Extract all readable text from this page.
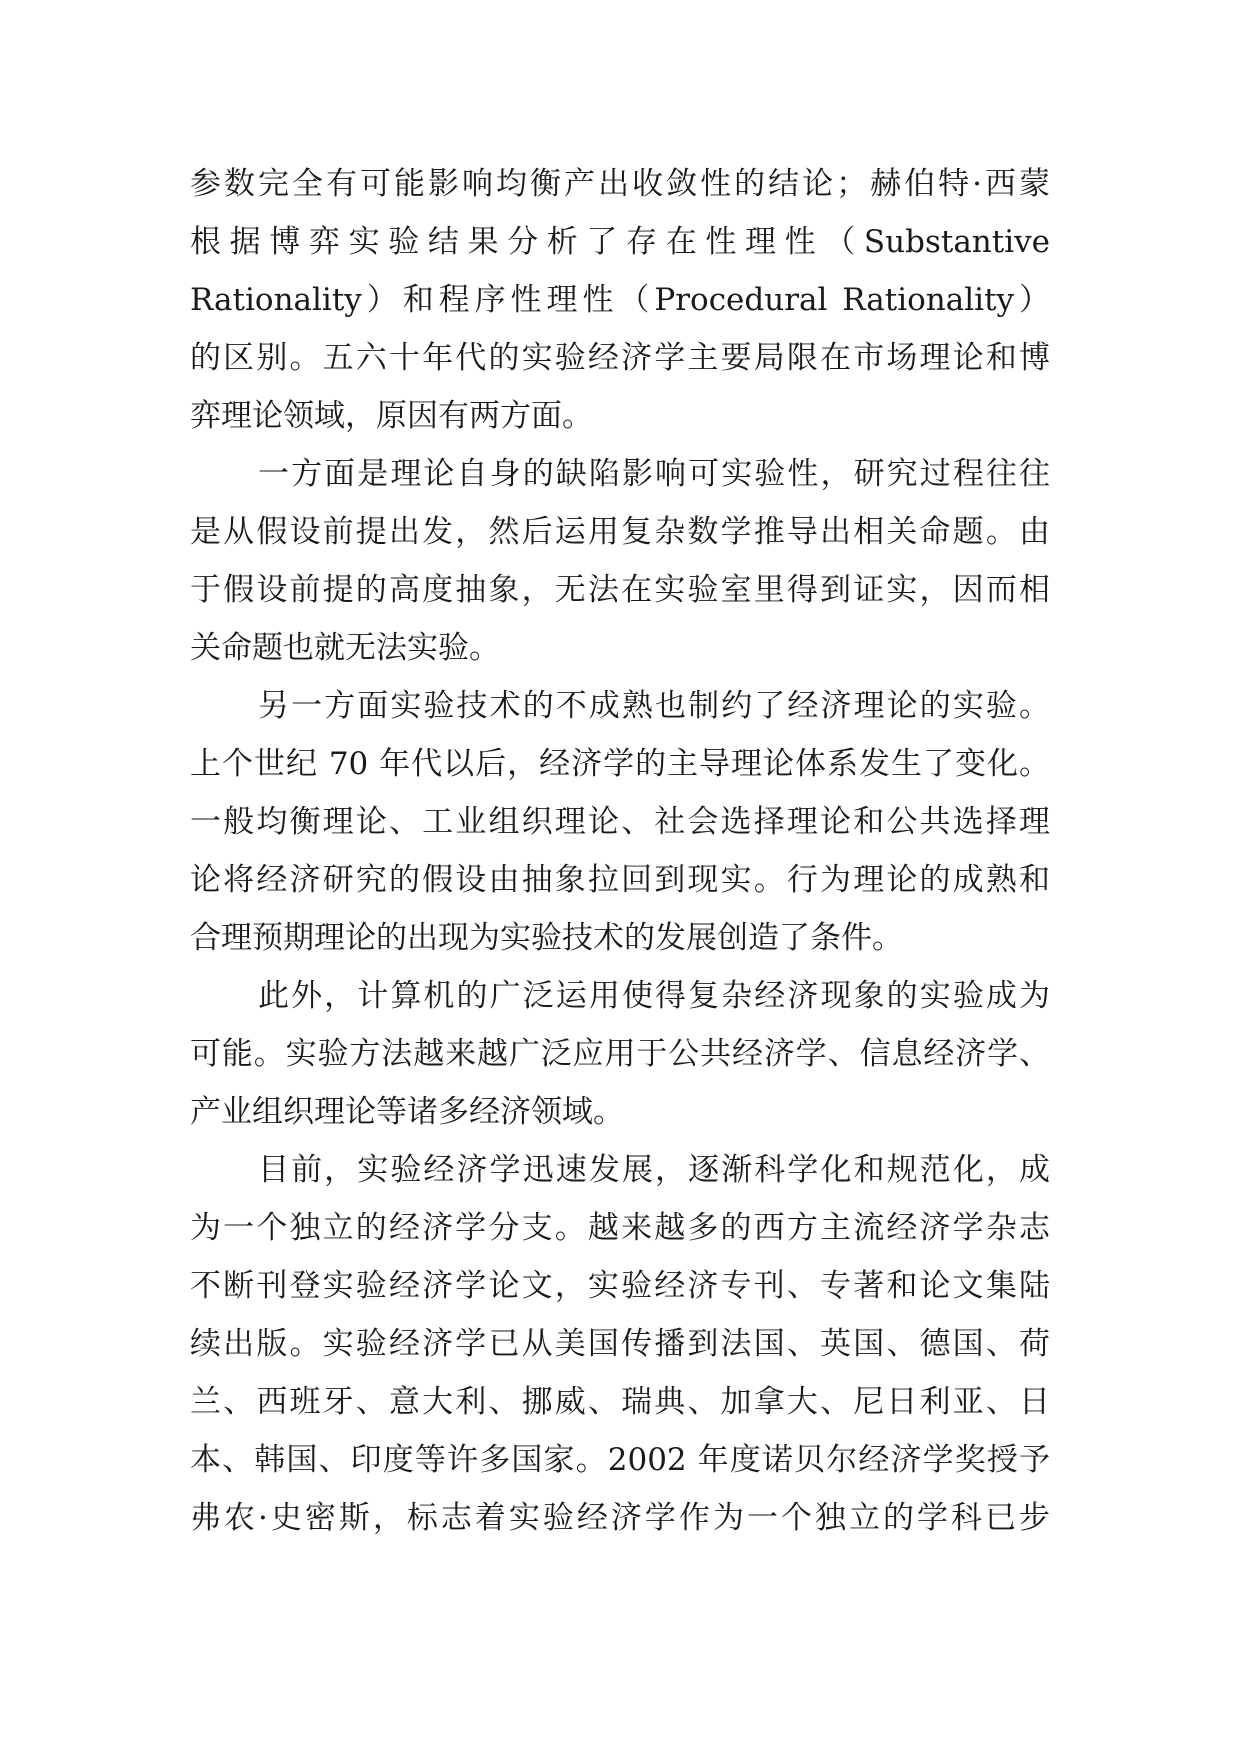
参数完全有可能影响均衡产出收敛性的结论；赫伯特·西蒙
根据博弈实验结果分析了存在性理性（Substantive
Rationality）和程序性理性（Procedural Rationality）
的区别。五六十年代的实验经济学主要局限在市场理论和博
弈理论领域，原因有两方面。
一方面是理论自身的缺陷影响可实验性，研究过程往往
是从假设前提出发，然后运用复杂数学推导出相关命题。由
于假设前提的高度抽象，无法在实验室里得到证实，因而相
关命题也就无法实验。
另一方面实验技术的不成熟也制约了经济理论的实验。
上个世纪 70 年代以后，经济学的主导理论体系发生了变化。
一般均衡理论、工业组织理论、社会选择理论和公共选择理
论将经济研究的假设由抽象拉回到现实。行为理论的成熟和
合理预期理论的出现为实验技术的发展创造了条件。
此外，计算机的广泛运用使得复杂经济现象的实验成为
可能。实验方法越来越广泛应用于公共经济学、信息经济学、
产业组织理论等诸多经济领域。
目前，实验经济学迅速发展，逐渐科学化和规范化，成
为一个独立的经济学分支。越来越多的西方主流经济学杂志
不断刊登实验经济学论文，实验经济专刊、专著和论文集陆
续出版。实验经济学已从美国传播到法国、英国、德国、荷
兰、西班牙、意大利、挪威、瑞典、加拿大、尼日利亚、日
本、韩国、印度等许多国家。2002 年度诺贝尔经济学奖授予
弗农·史密斯，标志着实验经济学作为一个独立的学科已步
